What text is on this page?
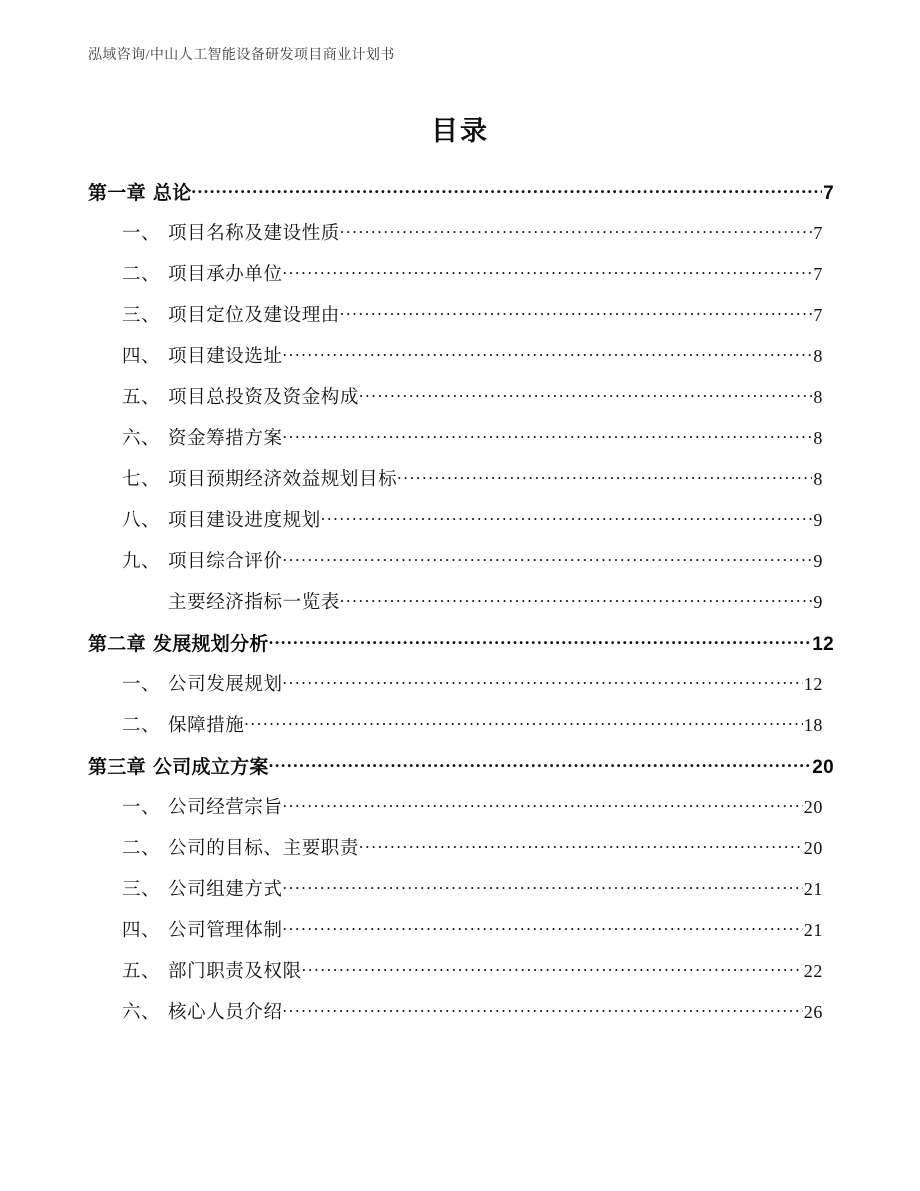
泓域咨询/中山人工智能设备研发项目商业计划书
目录
第一章 总论 .....	7
一、 项目名称及建设性质 .....	7
二、 项目承办单位 .....	7
三、 项目定位及建设理由 .....	7
四、 项目建设选址 .....	8
五、 项目总投资及资金构成 .....	8
六、 资金筹措方案 .....	8
七、 项目预期经济效益规划目标 .....	8
八、 项目建设进度规划 .....	9
九、 项目综合评价 .....	9
主要经济指标一览表 .....	9
第二章 发展规划分析 .....	12
一、 公司发展规划 .....	12
二、 保障措施 .....	18
第三章 公司成立方案 .....	20
一、 公司经营宗旨 .....	20
二、 公司的目标、主要职责 .....	20
三、 公司组建方式 .....	21
四、 公司管理体制 .....	21
五、 部门职责及权限 .....	22
六、 核心人员介绍 .....	26
